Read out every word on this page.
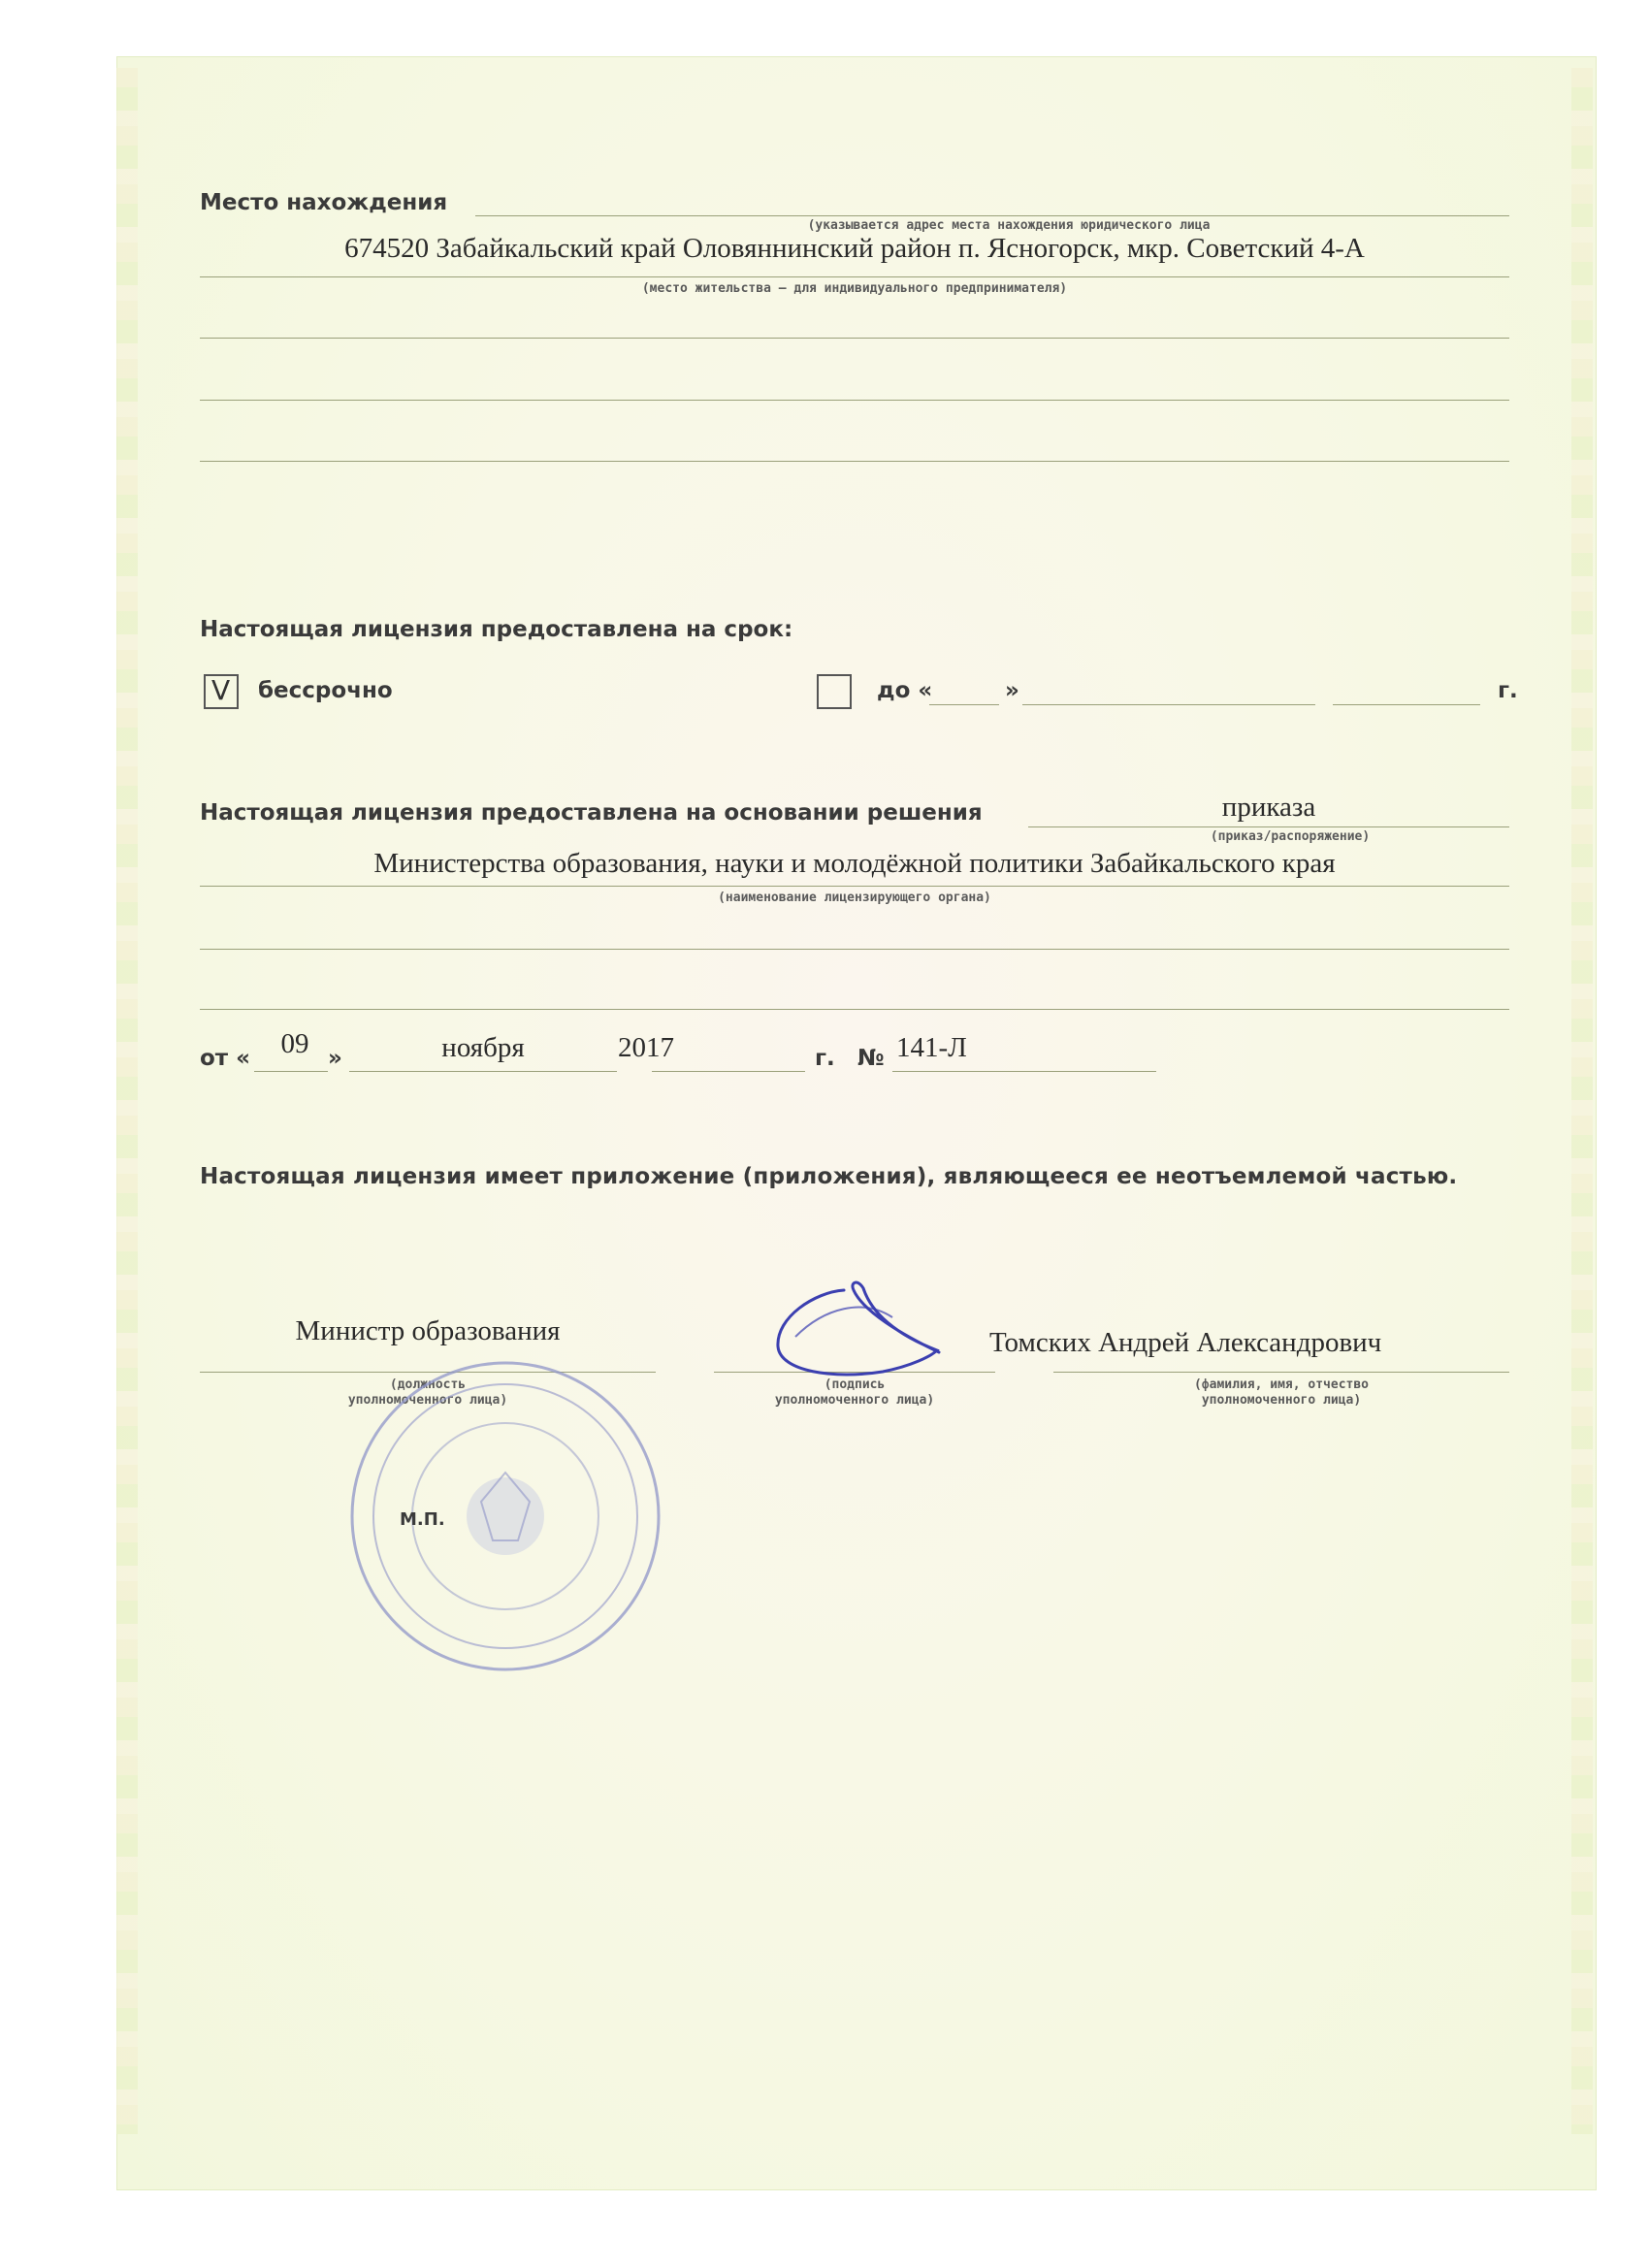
Место нахождения
(указывается адрес места нахождения юридического лица
674520 Забайкальский край Оловяннинский район п. Ясногорск, мкр. Советский 4-А
(место жительства – для индивидуального предпринимателя)
Настоящая лицензия предоставлена на срок:
V бессрочно	до «	»	г.
Настоящая лицензия предоставлена на основании решения	приказа
(приказ/распоряжение)
Министерства образования, науки и молодёжной политики Забайкальского края
(наименование лицензирующего органа)
от «	09 »	ноября	2017	г. № 141-Л
Настоящая лицензия имеет приложение (приложения), являющееся ее неотъемлемой частью.
Министр образования
(должность
уполномоченного лица)
(подпись
уполномоченного лица)
Томских Андрей Александрович
(фамилия, имя, отчество
уполномоченного лица)
М.П.
